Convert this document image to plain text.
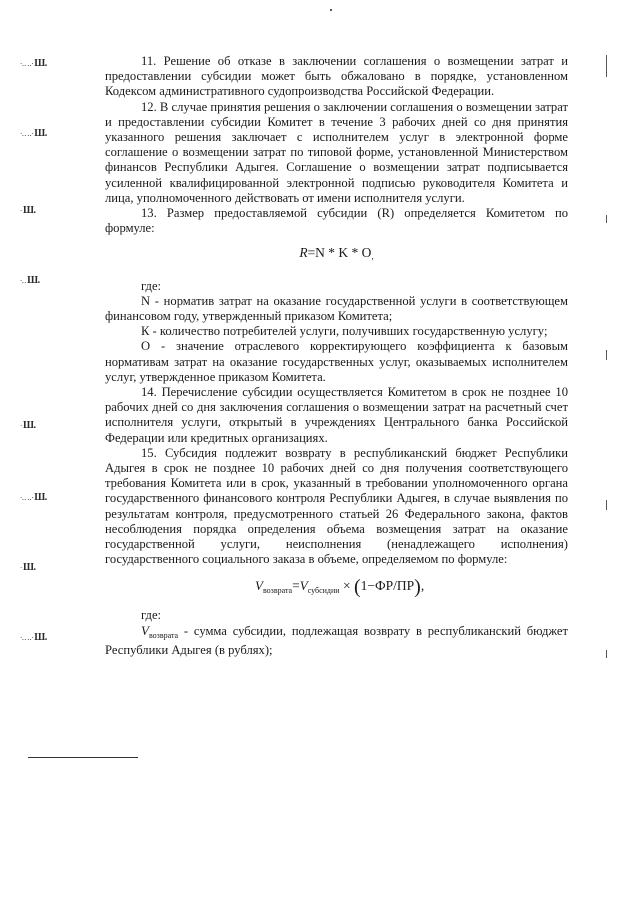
‧‥ ‥‧ Ш.
‧‥ ‥‧ Ш.
‧ Ш.
‧‥ Ш.
‧ Ш.
‧‥ ‥‧ Ш.
‧ Ш.
‧‥ ‥‧ Ш.

11. Решение об отказе в заключении соглашения о возмещении затрат и предоставлении субсидии может быть обжаловано в порядке, установленном Кодексом административного судопроизводства Российской Федерации.

12. В случае принятия решения о заключении соглашения о возмещении затрат и предоставлении субсидии Комитет в течение 3 рабочих дней со дня принятия указанного решения заключает с исполнителем услуг в электронной форме соглашение о возмещении затрат по типовой форме, установленной Министерством финансов Республики Адыгея. Соглашение о возмещении затрат подписывается усиленной квалифицированной электронной подписью руководителя Комитета и лица, уполномоченного действовать от имени исполнителя услуги.

13. Размер предоставляемой субсидии (R) определяется Комитетом по формуле:

R=N * K * O,

где:

N - норматив затрат на оказание государственной услуги в соответствующем финансовом году, утвержденный приказом Комитета;

К - количество потребителей услуги, получивших государственную услугу;

О - значение отраслевого корректирующего коэффициента к базовым нормативам затрат на оказание государственных услуг, оказываемых исполнителем услуг, утвержденное приказом Комитета.

14. Перечисление субсидии осуществляется Комитетом в срок не позднее 10 рабочих дней со дня заключения соглашения о возмещении затрат на расчетный счет исполнителя услуги, открытый в учреждениях Центрального банка Российской Федерации или кредитных организациях.

15. Субсидия подлежит возврату в республиканский бюджет Республики Адыгея в срок не позднее 10 рабочих дней со дня получения соответствующего требования Комитета или в срок, указанный в требовании уполномоченного органа государственного финансового контроля Республики Адыгея, в случае выявления по результатам контроля, предусмотренного статьей 26 Федерального закона, фактов несоблюдения порядка определения объема возмещения затрат на оказание государственной услуги, неисполнения (ненадлежащего исполнения) государственного социального заказа в объеме, определяемом по формуле:

$V_{возврата}=V_{субсидии} \times (1-ФР/ПР)$,

где:

$V_{возврата}$ - сумма субсидии, подлежащая возврату в республиканский бюджет Республики Адыгея (в рублях);
